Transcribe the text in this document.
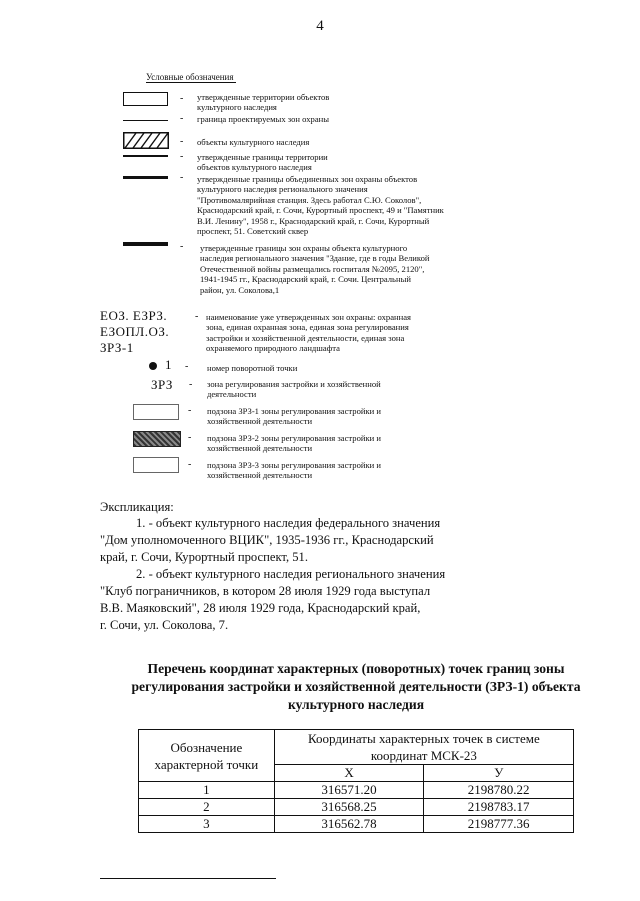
4
Условные обозначения
- утвержденные территории объектов культурного наследия
- граница проектируемых зон охраны
- объекты культурного наследия
- утвержденные границы территории объектов культурного наследия
- утвержденные границы объединенных зон охраны объектов культурного наследия регионального значения "Противомалярийная станция. Здесь работал С.Ю. Соколов", Краснодарский край, г. Сочи, Курортный проспект, 49 и "Памятник В.И. Ленину", 1958 г., Краснодарский край, г. Сочи, Курортный проспект, 51. Советский сквер
- утвержденные границы зон охраны объекта культурного наследия регионального значения "Здание, где в годы Великой Отечественной войны размещались госпиталя №2095, 2120", 1941-1945 гг., Краснодарский край, г. Сочи. Центральный район, ул. Соколова,1
ЕОЗ. ЕЗРЗ. ЕЗОПЛ.ОЗ. ЗРЗ-1
- наименование уже утвержденных зон охраны: охранная зона, единая охранная зона, единая зона регулирования застройки и хозяйственной деятельности, единая зона охраняемого природного ландшафта
1 - номер поворотной точки
ЗРЗ - зона регулирования застройки и хозяйственной деятельности
- подзона ЗРЗ-1 зоны регулирования застройки и хозяйственной деятельности
- подзона ЗРЗ-2 зоны регулирования застройки и хозяйственной деятельности
- подзона ЗРЗ-3 зоны регулирования застройки и хозяйственной деятельности
Экспликация:
1. - объект культурного наследия федерального значения
"Дом уполномоченного ВЦИК", 1935-1936 гг., Краснодарский
край, г. Сочи, Курортный проспект, 51.
2. - объект культурного наследия регионального значения
"Клуб пограничников, в котором 28 июля 1929 года выступал
В.В. Маяковский", 28 июля 1929 года, Краснодарский край,
г. Сочи, ул. Соколова, 7.
Перечень координат характерных (поворотных) точек границ зоны
регулирования застройки и хозяйственной деятельности (ЗРЗ-1) объекта
культурного наследия
Обозначение характерной точки	Координаты характерных точек в системе координат МСК-23	
	X	У
1	316571.20	2198780.22
2	316568.25	2198783.17
3	316562.78	2198777.36
